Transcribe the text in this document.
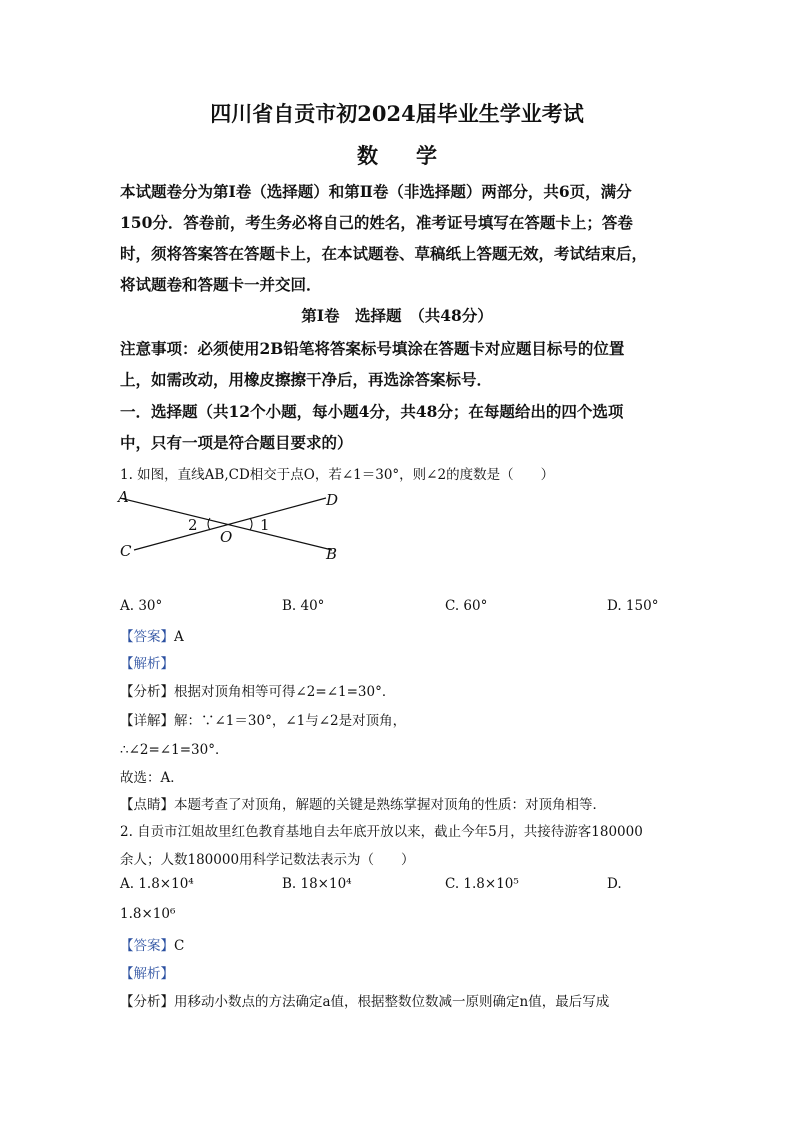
四川省自贡市初2024届毕业生学业考试
数学
本试题卷分为第Ⅰ卷（选择题）和第Ⅱ卷（非选择题）两部分，共6页，满分
150分．答卷前，考生务必将自己的姓名，准考证号填写在答题卡上；答卷
时，须将答案答在答题卡上，在本试题卷、草稿纸上答题无效，考试结束后，
将试题卷和答题卡一并交回．
第Ⅰ卷　选择题　（共48分）
注意事项：必须使用2B铅笔将答案标号填涂在答题卡对应题目标号的位置
上，如需改动，用橡皮擦擦干净后，再选涂答案标号．
一．选择题（共12个小题，每小题4分，共48分；在每题给出的四个选项
中，只有一项是符合题目要求的）
1. 如图，直线AB,CD相交于点O，若∠1＝30°，则∠2的度数是（　　）
A	D
C	B
O
2	1
A. 30°	B. 40°	C. 60°	D. 150°
【答案】A
【解析】
【分析】根据对顶角相等可得∠2=∠1=30°．
【详解】解：∵∠1＝30°，∠1与∠2是对顶角，
∴∠2=∠1=30°．
故选：A．
【点睛】本题考查了对顶角，解题的关键是熟练掌握对顶角的性质：对顶角相等．
2. 自贡市江姐故里红色教育基地自去年底开放以来，截止今年5月，共接待游客180000
余人；人数180000用科学记数法表示为（　　）
A. 1.8×10⁴	B. 18×10⁴	C. 1.8×10⁵	D.
1.8×10⁶
【答案】C
【解析】
【分析】用移动小数点的方法确定a值，根据整数位数减一原则确定n值，最后写成
